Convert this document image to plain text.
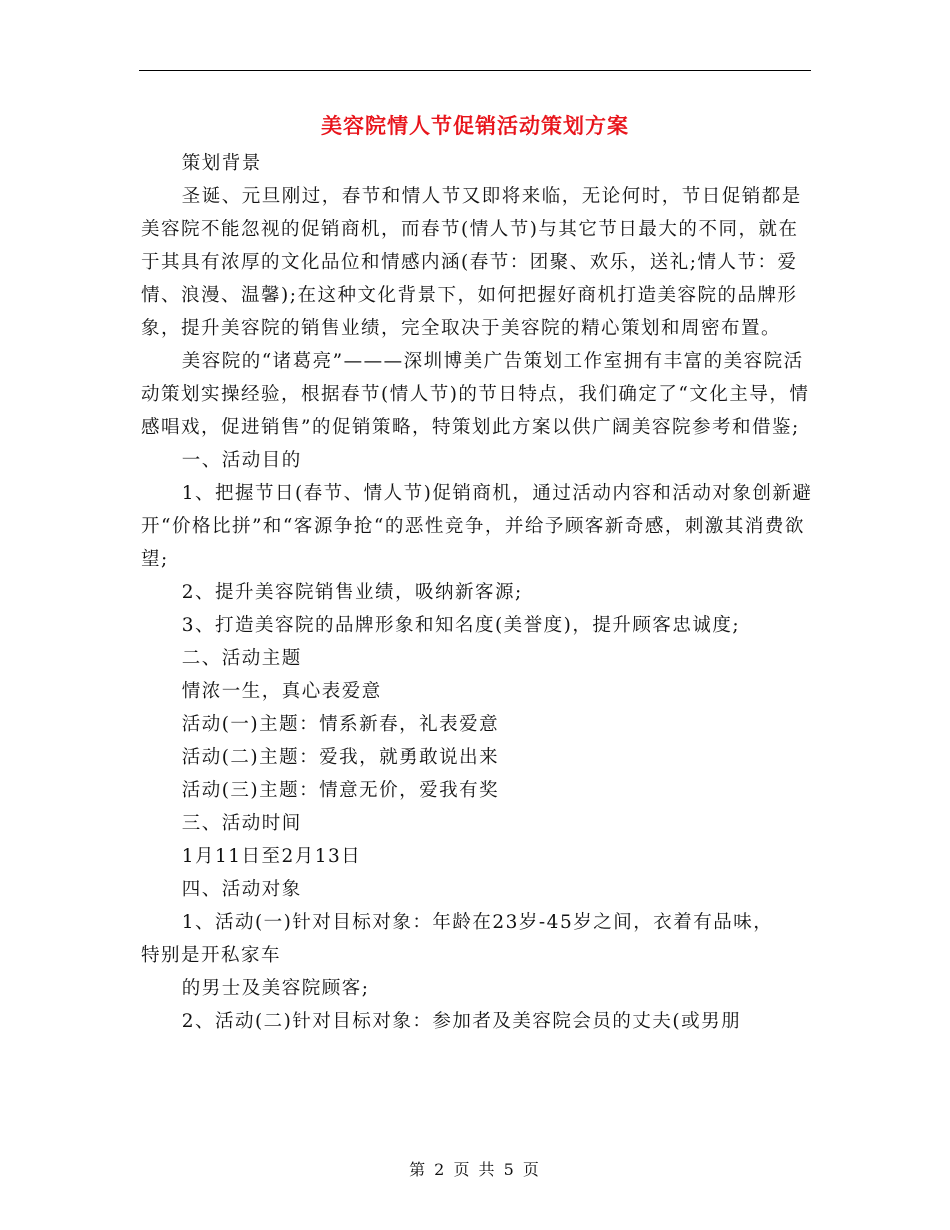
美容院情人节促销活动策划方案

策划背景

圣诞、元旦刚过，春节和情人节又即将来临，无论何时，节日促销都是美容院不能忽视的促销商机，而春节(情人节)与其它节日最大的不同，就在于其具有浓厚的文化品位和情感内涵(春节：团聚、欢乐，送礼;情人节：爱情、浪漫、温馨);在这种文化背景下，如何把握好商机打造美容院的品牌形象，提升美容院的销售业绩，完全取决于美容院的精心策划和周密布置。

美容院的“诸葛亮”———深圳博美广告策划工作室拥有丰富的美容院活动策划实操经验，根据春节(情人节)的节日特点，我们确定了“文化主导，情感唱戏，促进销售”的促销策略，特策划此方案以供广阔美容院参考和借鉴;

一、活动目的

1、把握节日(春节、情人节)促销商机，通过活动内容和活动对象创新避开“价格比拼”和“客源争抢“的恶性竞争，并给予顾客新奇感，刺激其消费欲望;

2、提升美容院销售业绩，吸纳新客源;

3、打造美容院的品牌形象和知名度(美誉度)，提升顾客忠诚度;

二、活动主题

情浓一生，真心表爱意

活动(一)主题：情系新春，礼表爱意

活动(二)主题：爱我，就勇敢说出来

活动(三)主题：情意无价，爱我有奖

三、活动时间

1月11日至2月13日

四、活动对象

1、活动(一)针对目标对象：年龄在23岁-45岁之间，衣着有品味，

特别是开私家车

的男士及美容院顾客;

2、活动(二)针对目标对象：参加者及美容院会员的丈夫(或男朋

第 2 页 共 5 页
